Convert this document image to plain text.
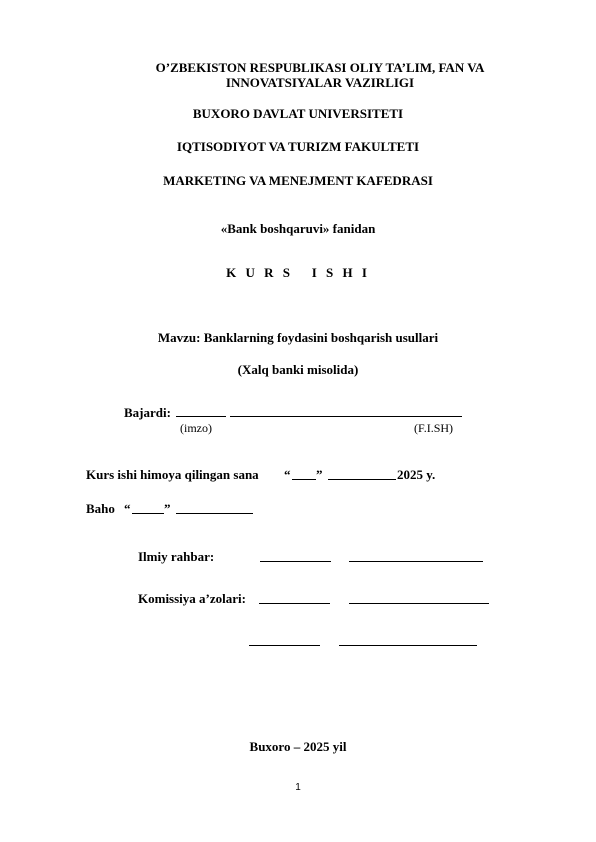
O’ZBEKISTON RESPUBLIKASI OLIY TA’LIM, FAN VA INNOVATSIYALAR VAZIRLIGI
BUXORO DAVLAT UNIVERSITETI
IQTISODIYOT VA TURIZM FAKULTETI
MARKETING VA MENEJMENT KAFEDRASI
«Bank boshqaruvi» fanidan
K U R S   I S H I
Mavzu: Banklarning foydasini boshqarish usullari
(Xalq banki misolida)
Bajardi:
(imzo)	(F.I.SH)
Kurs ishi himoya qilingan sana “ ”	2025 y.
Baho “	”
Ilmiy rahbar:
Komissiya a’zolari:
Buxoro – 2025 yil
1
